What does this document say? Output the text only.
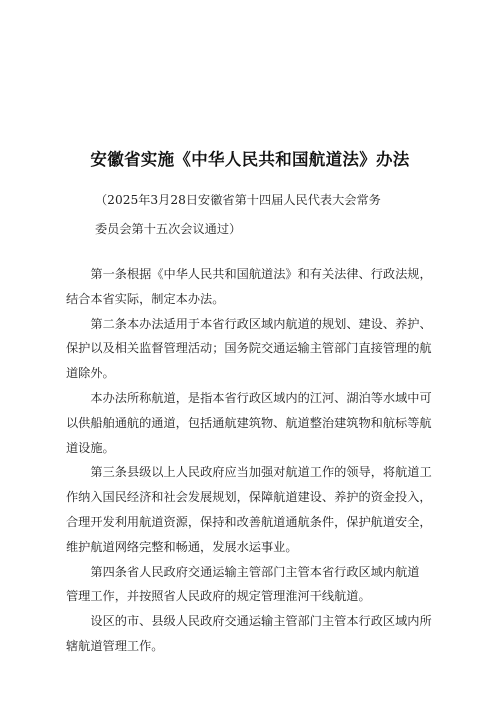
安徽省实施《中华人民共和国航道法》办法

（2025年3月28日安徽省第十四届人民代表大会常务

委员会第十五次会议通过）

第一条根据《中华人民共和国航道法》和有关法律、行政法规，
结合本省实际，制定本办法。
第二条本办法适用于本省行政区域内航道的规划、建设、养护、
保护以及相关监督管理活动；国务院交通运输主管部门直接管理的航
道除外。
本办法所称航道，是指本省行政区域内的江河、湖泊等水域中可
以供船舶通航的通道，包括通航建筑物、航道整治建筑物和航标等航
道设施。
第三条县级以上人民政府应当加强对航道工作的领导，将航道工
作纳入国民经济和社会发展规划，保障航道建设、养护的资金投入，
合理开发利用航道资源，保持和改善航道通航条件，保护航道安全，
维护航道网络完整和畅通，发展水运事业。
第四条省人民政府交通运输主管部门主管本省行政区域内航道
管理工作，并按照省人民政府的规定管理淮河干线航道。
设区的市、县级人民政府交通运输主管部门主管本行政区域内所
辖航道管理工作。
